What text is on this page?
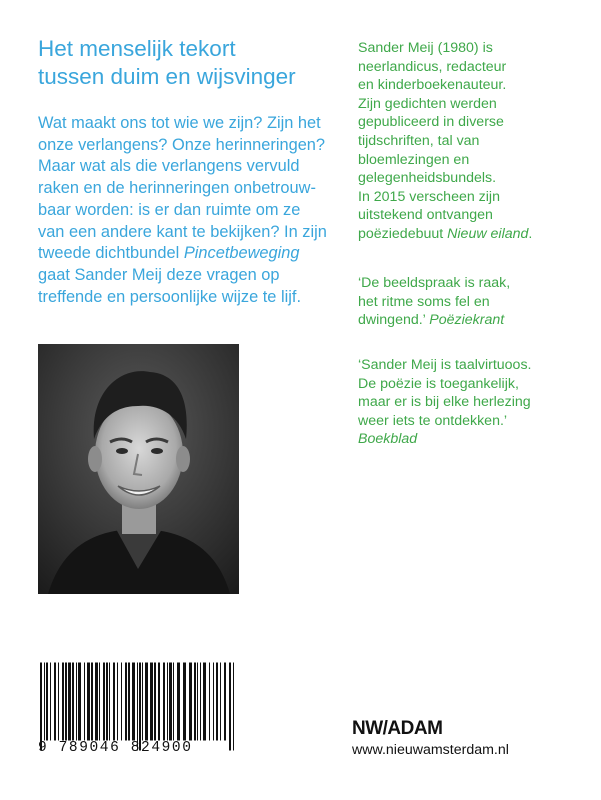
Het menselijk tekort
tussen duim en wijsvinger
Wat maakt ons tot wie we zijn? Zijn het
onze verlangens? Onze herinneringen?
Maar wat als die verlangens vervuld
raken en de herinneringen onbetrouw-
baar worden: is er dan ruimte om ze
van een andere kant te bekijken? In zijn
tweede dichtbundel Pincetbeweging
gaat Sander Meij deze vragen op
treffende en persoonlijke wijze te lijf.
Sander Meij (1980) is
neerlandicus, redacteur
en kinderboekenauteur.
Zijn gedichten werden
gepubliceerd in diverse
tijdschriften, tal van
bloemlezingen en
gelegenheidsbundels.
In 2015 verscheen zijn
uitstekend ontvangen
poëziedebuut Nieuw eiland.
‘De beeldspraak is raak,
het ritme soms fel en
dwingend.’ Poëziekrant
‘Sander Meij is taalvirtuoos.
De poëzie is toegankelijk,
maar er is bij elke herlezing
weer iets te ontdekken.’
Boekblad
9 789046 824900
NW/ADAM
www.nieuwamsterdam.nl
